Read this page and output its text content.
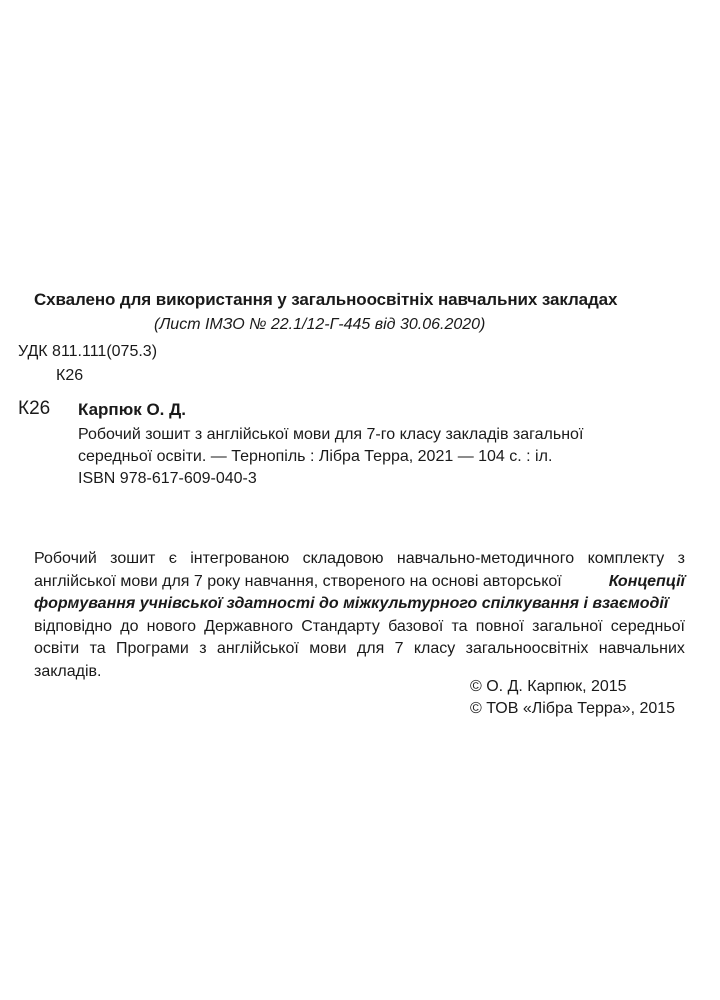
Схвалено для використання у загальноосвітніх навчальних закладах
(Лист ІМЗО № 22.1/12-Г-445 від 30.06.2020)
УДК 811.111(075.3)
К26
К26 Карпюк О. Д.
Робочий зошит з англійської мови для 7-го класу закладів загальної
середньої освіти. — Тернопіль : Лібра Терра, 2021 — 104 с. : іл.
ISBN 978-617-609-040-3
Робочий зошит є інтегрованою складовою навчально-методичного комплекту з
англійської мови для 7 року навчання, створеного на основі авторської	Концепції
формування учнівської здатності до міжкультурного спілкування і взаємодії
відповідно до нового Державного Стандарту базової та повної загальної середньої
освіти та Програми з англійської мови для 7 класу загальноосвітніх навчальних
закладів.
© О. Д. Карпюк, 2015
© ТОВ «Лібра Терра», 2015
